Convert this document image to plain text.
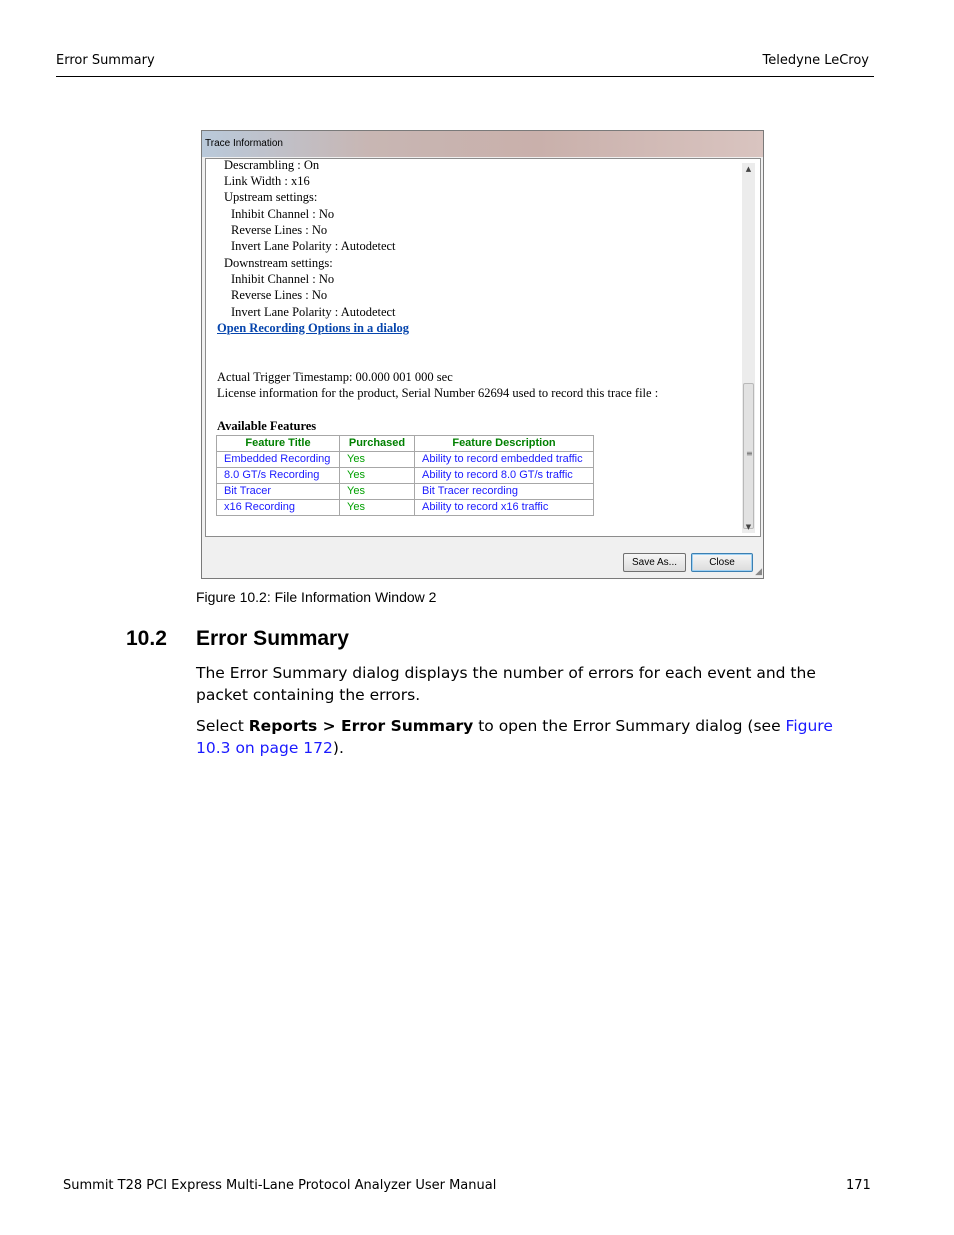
Error Summary	Teledyne LeCroy
Trace Information
Descrambling : On
Link Width : x16
Upstream settings:
Inhibit Channel : No
Reverse Lines : No
Invert Lane Polarity : Autodetect
Downstream settings:
Inhibit Channel : No
Reverse Lines : No
Invert Lane Polarity : Autodetect
Open Recording Options in a dialog
Actual Trigger Timestamp: 00.000 001 000 sec
License information for the product, Serial Number 62694 used to record this trace file :
Available Features
Feature Title	Purchased	Feature Description
Embedded Recording	Yes	Ability to record embedded traffic
8.0 GT/s Recording	Yes	Ability to record 8.0 GT/s traffic
Bit Tracer	Yes	Bit Tracer recording
x16 Recording	Yes	Ability to record x16 traffic
▲
≡
▼
Save As...	Close
◢
Figure 10.2: File Information Window 2
10.2 Error Summary
The Error Summary dialog displays the number of errors for each event and the packet containing the errors.
Select Reports > Error Summary to open the Error Summary dialog (see Figure 10.3 on page 172).
Summit T28 PCI Express Multi-Lane Protocol Analyzer User Manual	171
